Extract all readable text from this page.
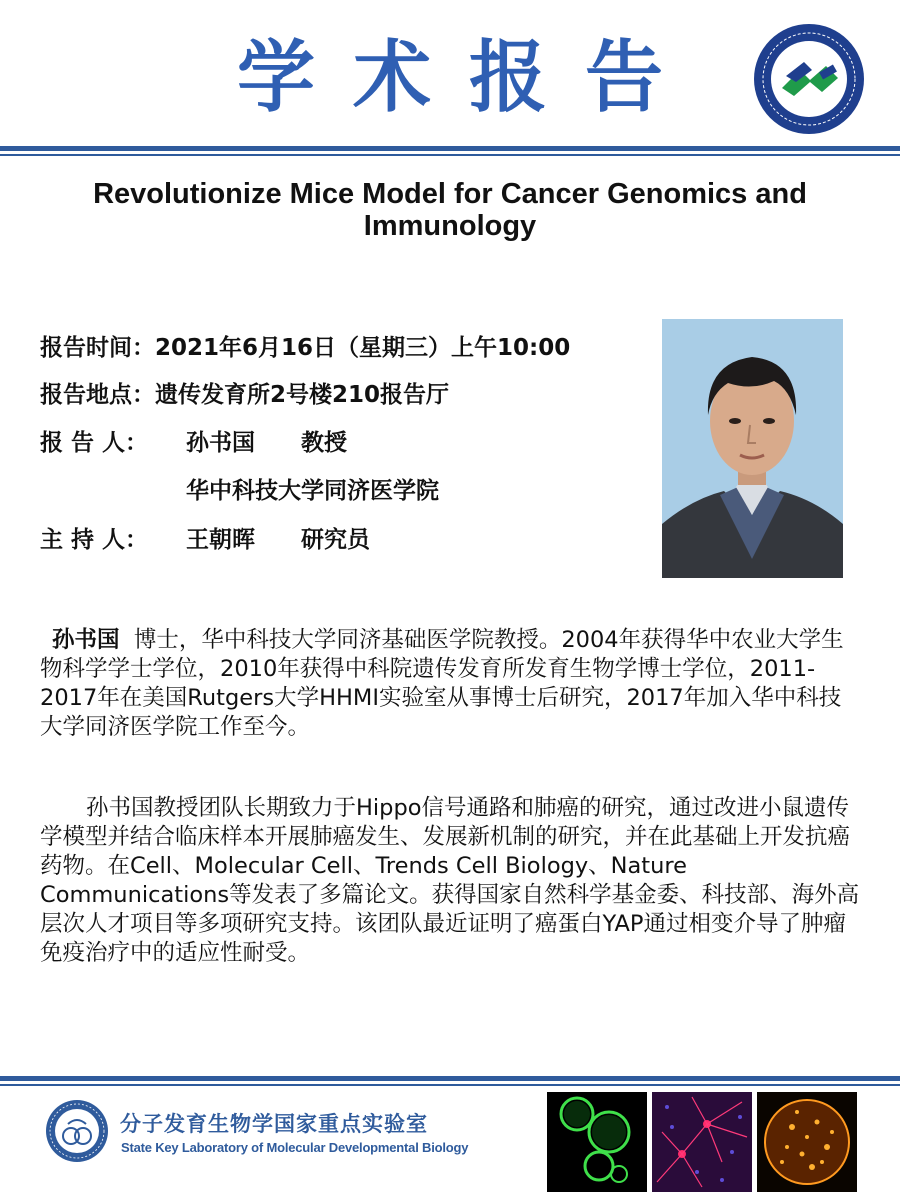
学术报告
Revolutionize Mice Model for Cancer Genomics and Immunology
报告时间：2021年6月16日（星期三）上午10:00
报告地点：遗传发育所2号楼210报告厅
报 告 人： 孙书国 教授
华中科技大学同济医学院
主 持 人： 王朝晖 研究员

孙书国 博士，华中科技大学同济基础医学院教授。2004年获得华中农业大学生物科学学士学位，2010年获得中科院遗传发育所发育生物学博士学位，2011-2017年在美国Rutgers大学HHMI实验室从事博士后研究，2017年加入华中科技大学同济医学院工作至今。

孙书国教授团队长期致力于Hippo信号通路和肺癌的研究，通过改进小鼠遗传学模型并结合临床样本开展肺癌发生、发展新机制的研究，并在此基础上开发抗癌药物。在Cell、Molecular Cell、Trends Cell Biology、Nature Communications等发表了多篇论文。获得国家自然科学基金委、科技部、海外高层次人才项目等多项研究支持。该团队最近证明了癌蛋白YAP通过相变介导了肿瘤免疫治疗中的适应性耐受。

分子发育生物学国家重点实验室
State Key Laboratory of Molecular Developmental Biology
